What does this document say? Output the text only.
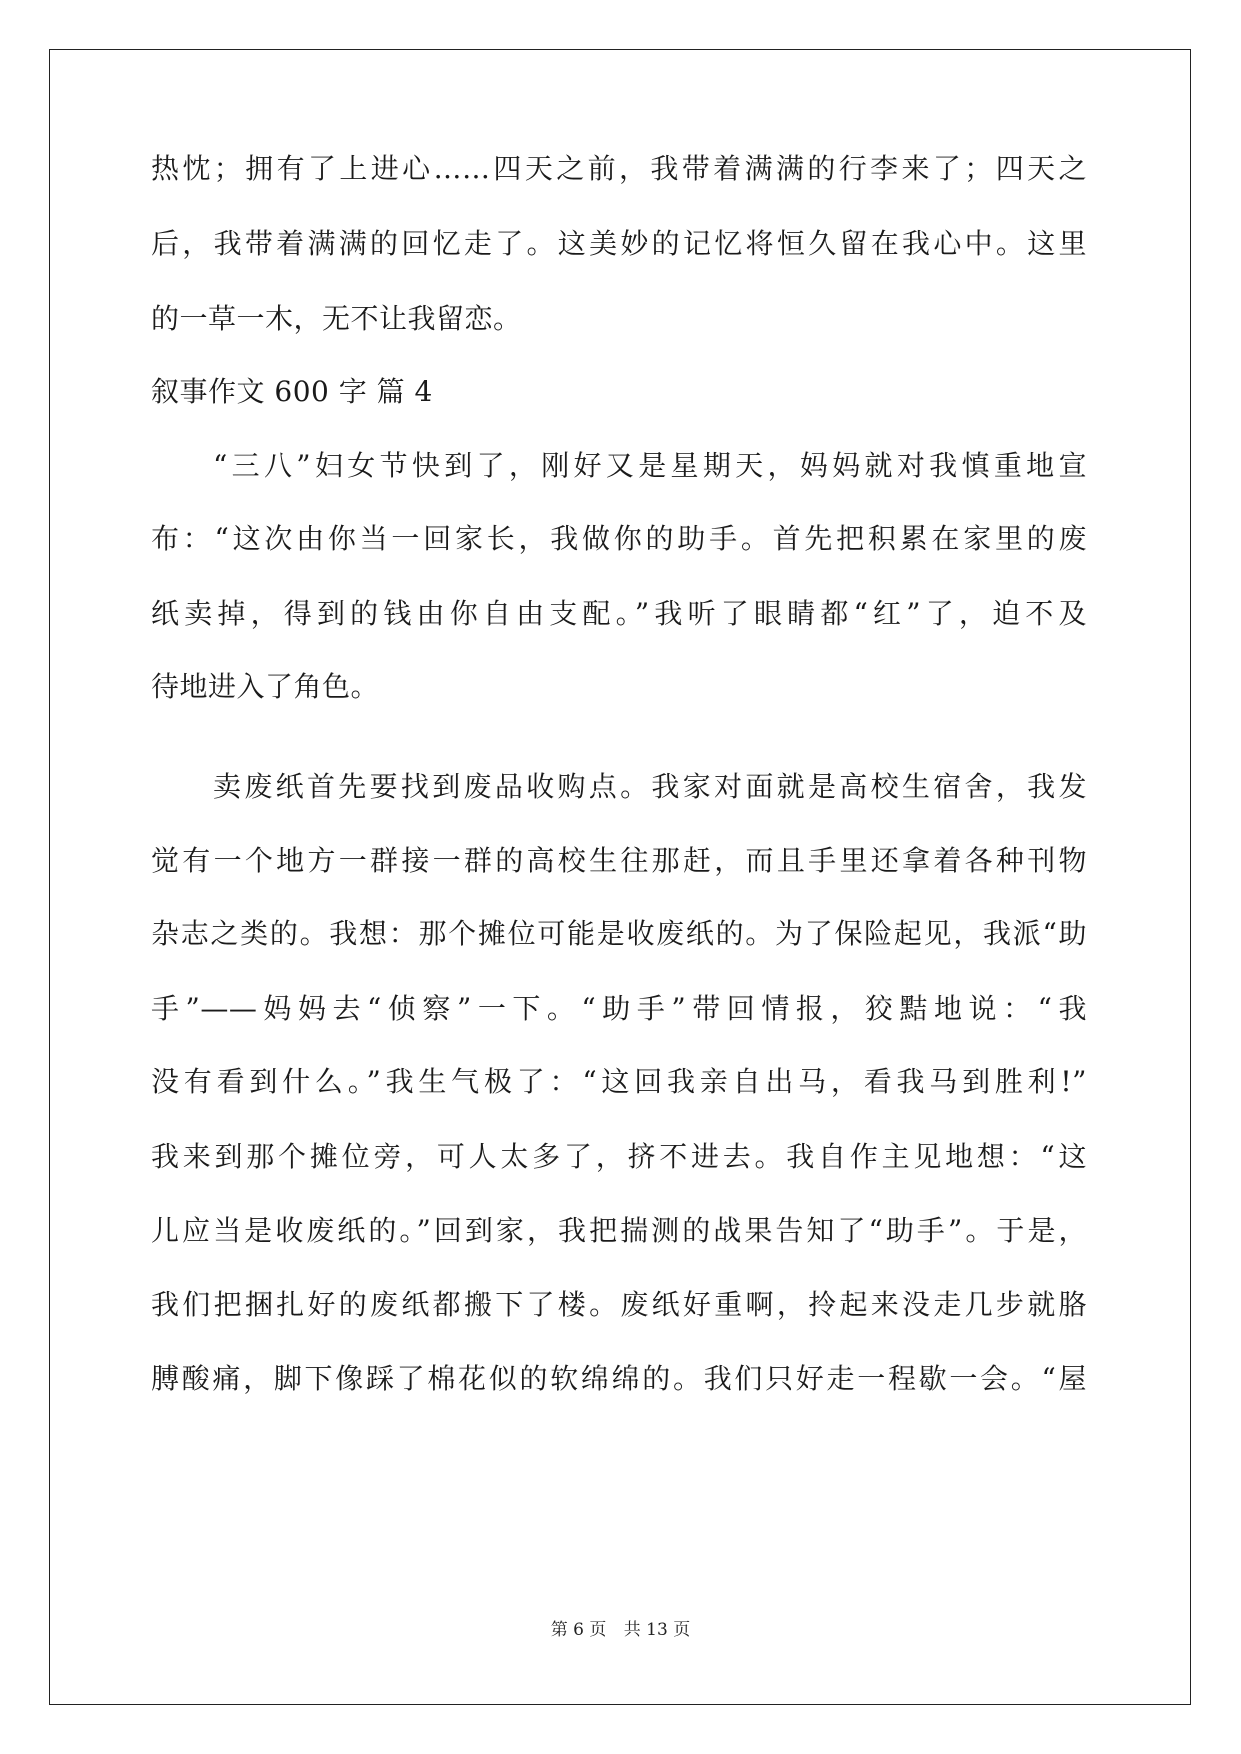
热忱；拥有了上进心……四天之前，我带着满满的行李来了；四天之
后，我带着满满的回忆走了。这美妙的记忆将恒久留在我心中。这里
的一草一木，无不让我留恋。
叙事作文 600 字 篇 4
“三八”妇女节快到了，刚好又是星期天，妈妈就对我慎重地宣
布：“这次由你当一回家长，我做你的助手。首先把积累在家里的废
纸卖掉，得到的钱由你自由支配。”我听了眼睛都“红”了，迫不及
待地进入了角色。
卖废纸首先要找到废品收购点。我家对面就是高校生宿舍，我发
觉有一个地方一群接一群的高校生往那赶，而且手里还拿着各种刊物
杂志之类的。我想：那个摊位可能是收废纸的。为了保险起见，我派“助
手”——妈妈去“侦察”一下。“助手”带回情报，狡黠地说：“我
没有看到什么。”我生气极了：“这回我亲自出马，看我马到胜利!”
我来到那个摊位旁，可人太多了，挤不进去。我自作主见地想：“这
儿应当是收废纸的。”回到家，我把揣测的战果告知了“助手”。于是，
我们把捆扎好的废纸都搬下了楼。废纸好重啊，拎起来没走几步就胳
膊酸痛，脚下像踩了棉花似的软绵绵的。我们只好走一程歇一会。“屋
第 6 页 共 13 页
